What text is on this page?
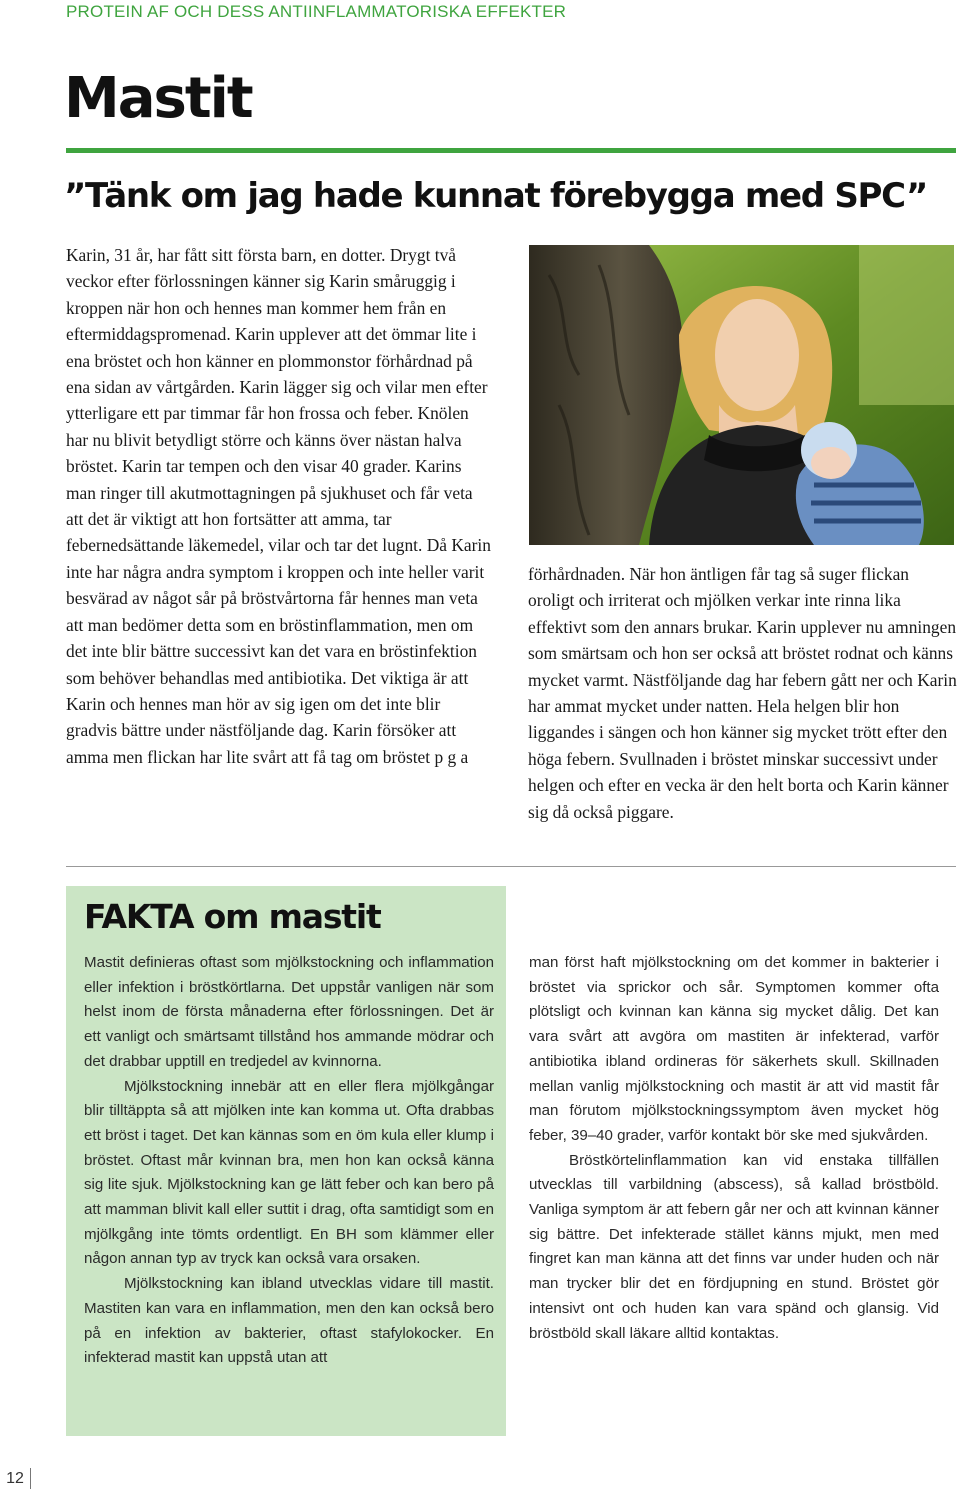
PROTEIN AF OCH DESS ANTIINFLAMMATORISKA EFFEKTER
Mastit
”Tänk om jag hade kunnat förebygga med SPC”

Karin, 31 år, har fått sitt första barn, en dotter. Drygt två veckor efter förlossningen känner sig Karin småruggig i kroppen när hon och hennes man kommer hem från en eftermiddagspromenad. Karin upplever att det ömmar lite i ena bröstet och hon känner en plommonstor förhårdnad på ena sidan av vårtgården. Karin lägger sig och vilar men efter ytterligare ett par timmar får hon frossa och feber. Knölen har nu blivit betydligt större och känns över nästan halva bröstet. Karin tar tempen och den visar 40 grader. Karins man ringer till akutmottagningen på sjukhuset och får veta att det är viktigt att hon fortsätter att amma, tar febernedsättande läkemedel, vilar och tar det lugnt. Då Karin inte har några andra symptom i kroppen och inte heller varit besvärad av något sår på bröstvårtorna får hennes man veta att man bedömer detta som en bröstinflammation, men om det inte blir bättre successivt kan det vara en bröstinfektion som behöver behandlas med antibiotika. Det viktiga är att Karin och hennes man hör av sig igen om det inte blir gradvis bättre under nästföljande dag. Karin försöker att amma men flickan har lite svårt att få tag om bröstet p g a

förhårdnaden. När hon äntligen får tag så suger flickan oroligt och irriterat och mjölken verkar inte rinna lika effektivt som den annars brukar. Karin upplever nu amningen som smärtsam och hon ser också att bröstet rodnat och känns mycket varmt. Nästföljande dag har febern gått ner och Karin har ammat mycket under natten. Hela helgen blir hon liggandes i sängen och hon känner sig mycket trött efter den höga febern. Svullnaden i bröstet minskar successivt under helgen och efter en vecka är den helt borta och Karin känner sig då också piggare.

FAKTA om mastit

Mastit definieras oftast som mjölkstockning och inflammation eller infektion i bröstkörtlarna. Det uppstår vanligen när som helst inom de första månaderna efter förlossningen. Det är ett vanligt och smärtsamt tillstånd hos ammande mödrar och det drabbar upptill en tredjedel av kvinnorna.

Mjölkstockning innebär att en eller flera mjölkgångar blir tilltäppta så att mjölken inte kan komma ut. Ofta drabbas ett bröst i taget. Det kan kännas som en öm kula eller klump i bröstet. Oftast mår kvinnan bra, men hon kan också känna sig lite sjuk. Mjölkstockning kan ge lätt feber och kan bero på att mamman blivit kall eller suttit i drag, ofta samtidigt som en mjölkgång inte tömts ordentligt. En BH som klämmer eller någon annan typ av tryck kan också vara orsaken.

Mjölkstockning kan ibland utvecklas vidare till mastit. Mastiten kan vara en inflammation, men den kan också bero på en infektion av bakterier, oftast stafylokocker. En infekterad mastit kan uppstå utan att

man först haft mjölkstockning om det kommer in bakterier i bröstet via sprickor och sår. Symptomen kommer ofta plötsligt och kvinnan kan känna sig mycket dålig. Det kan vara svårt att avgöra om mastiten är infekterad, varför antibiotika ibland ordineras för säkerhets skull. Skillnaden mellan vanlig mjölkstockning och mastit är att vid mastit får man förutom mjölkstockningssymptom även mycket hög feber, 39–40 grader, varför kontakt bör ske med sjukvården.

Bröstkörtelinflammation kan vid enstaka tillfällen utvecklas till varbildning (abscess), så kallad bröstböld. Vanliga symptom är att febern går ner och att kvinnan känner sig bättre. Det infekterade stället känns mjukt, men med fingret kan man känna att det finns var under huden och när man trycker blir det en fördjupning en stund. Bröstet gör intensivt ont och huden kan vara spänd och glansig. Vid bröstböld skall läkare alltid kontaktas.

12
